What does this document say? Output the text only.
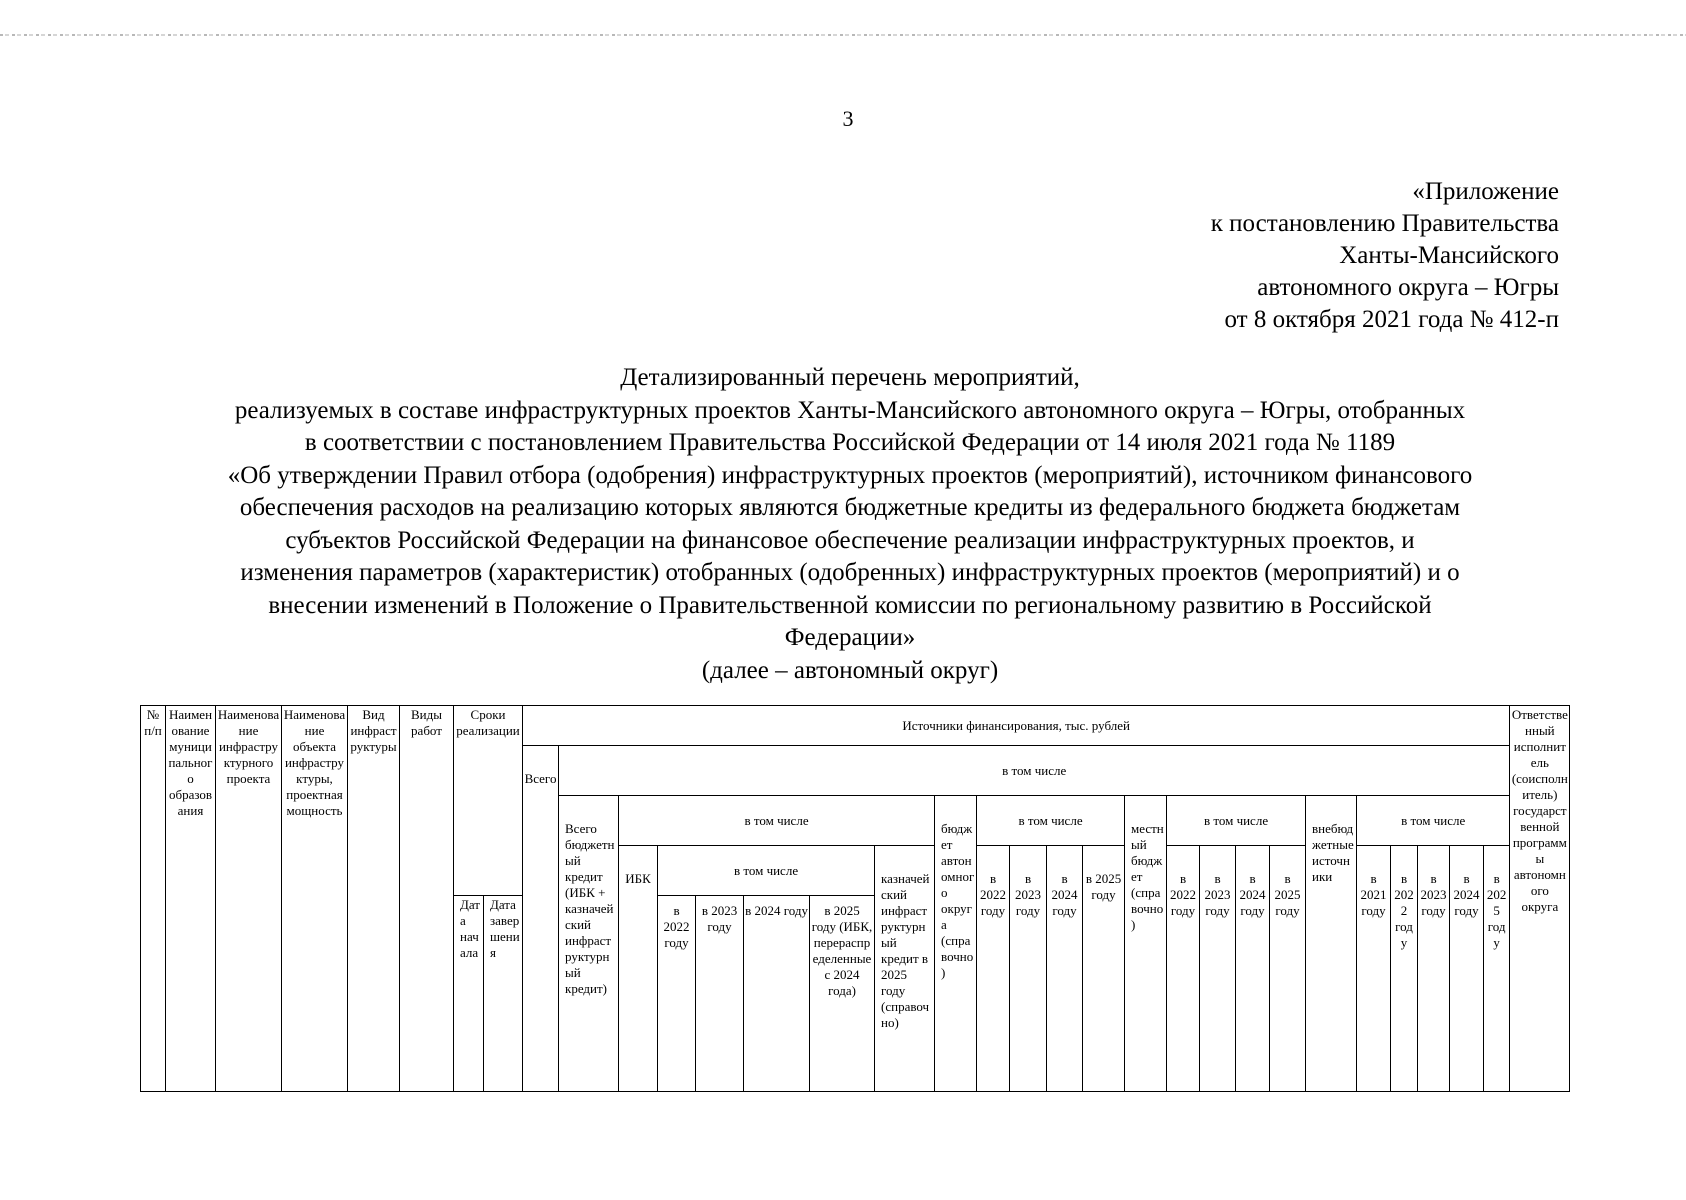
3
«Приложение
к постановлению Правительства
Ханты-Мансийского
автономного округа – Югры
от 8 октября 2021 года № 412-п
Детализированный перечень мероприятий,
реализуемых в составе инфраструктурных проектов Ханты-Мансийского автономного округа – Югры, отобранных
в соответствии с постановлением Правительства Российской Федерации от 14 июля 2021 года № 1189
«Об утверждении Правил отбора (одобрения) инфраструктурных проектов (мероприятий), источником финансового
обеспечения расходов на реализацию которых являются бюджетные кредиты из федерального бюджета бюджетам
субъектов Российской Федерации на финансовое обеспечение реализации инфраструктурных проектов, и
изменения параметров (характеристик) отобранных (одобренных) инфраструктурных проектов (мероприятий) и о
внесении изменений в Положение о Правительственной комиссии по региональному развитию в Российской
Федерации»
(далее – автономный округ)
№ п/п	Наименование муниципального образования	Наименование инфраструктурного проекта	Наименование объекта инфраструктуры, проектная мощность	Вид инфраструктуры	Виды работ	Сроки реализации		Источники финансирования, тыс. рублей																								Ответственный исполнитель (соисполнитель) государственной программы автономного округа

								Всего	в том числе																							

									Всего бюджетный кредит (ИБК + казначейский инфраструктурный кредит)	в том числе						бюджет автономного округа (справочно)	в том числе				местный бюджет (справочно)	в том числе				внебюджетные источники	в том числе					

										ИБК	в том числе				казначейский инфраструктурный кредит в 2025 году (справочно)		в 2022 году	в 2023 году	в 2024 году	в 2025 году		в 2022 году	в 2023 году	в 2024 году	в 2025 году		в 2021 году	в 2022 году	в 2023 году	в 2024 году	в 2025 году	

						Дата начала	Дата завершения				в 2022 году	в 2023 году	в 2024 году	в 2025 году (ИБК, перераспределенные с 2024 года)																		
